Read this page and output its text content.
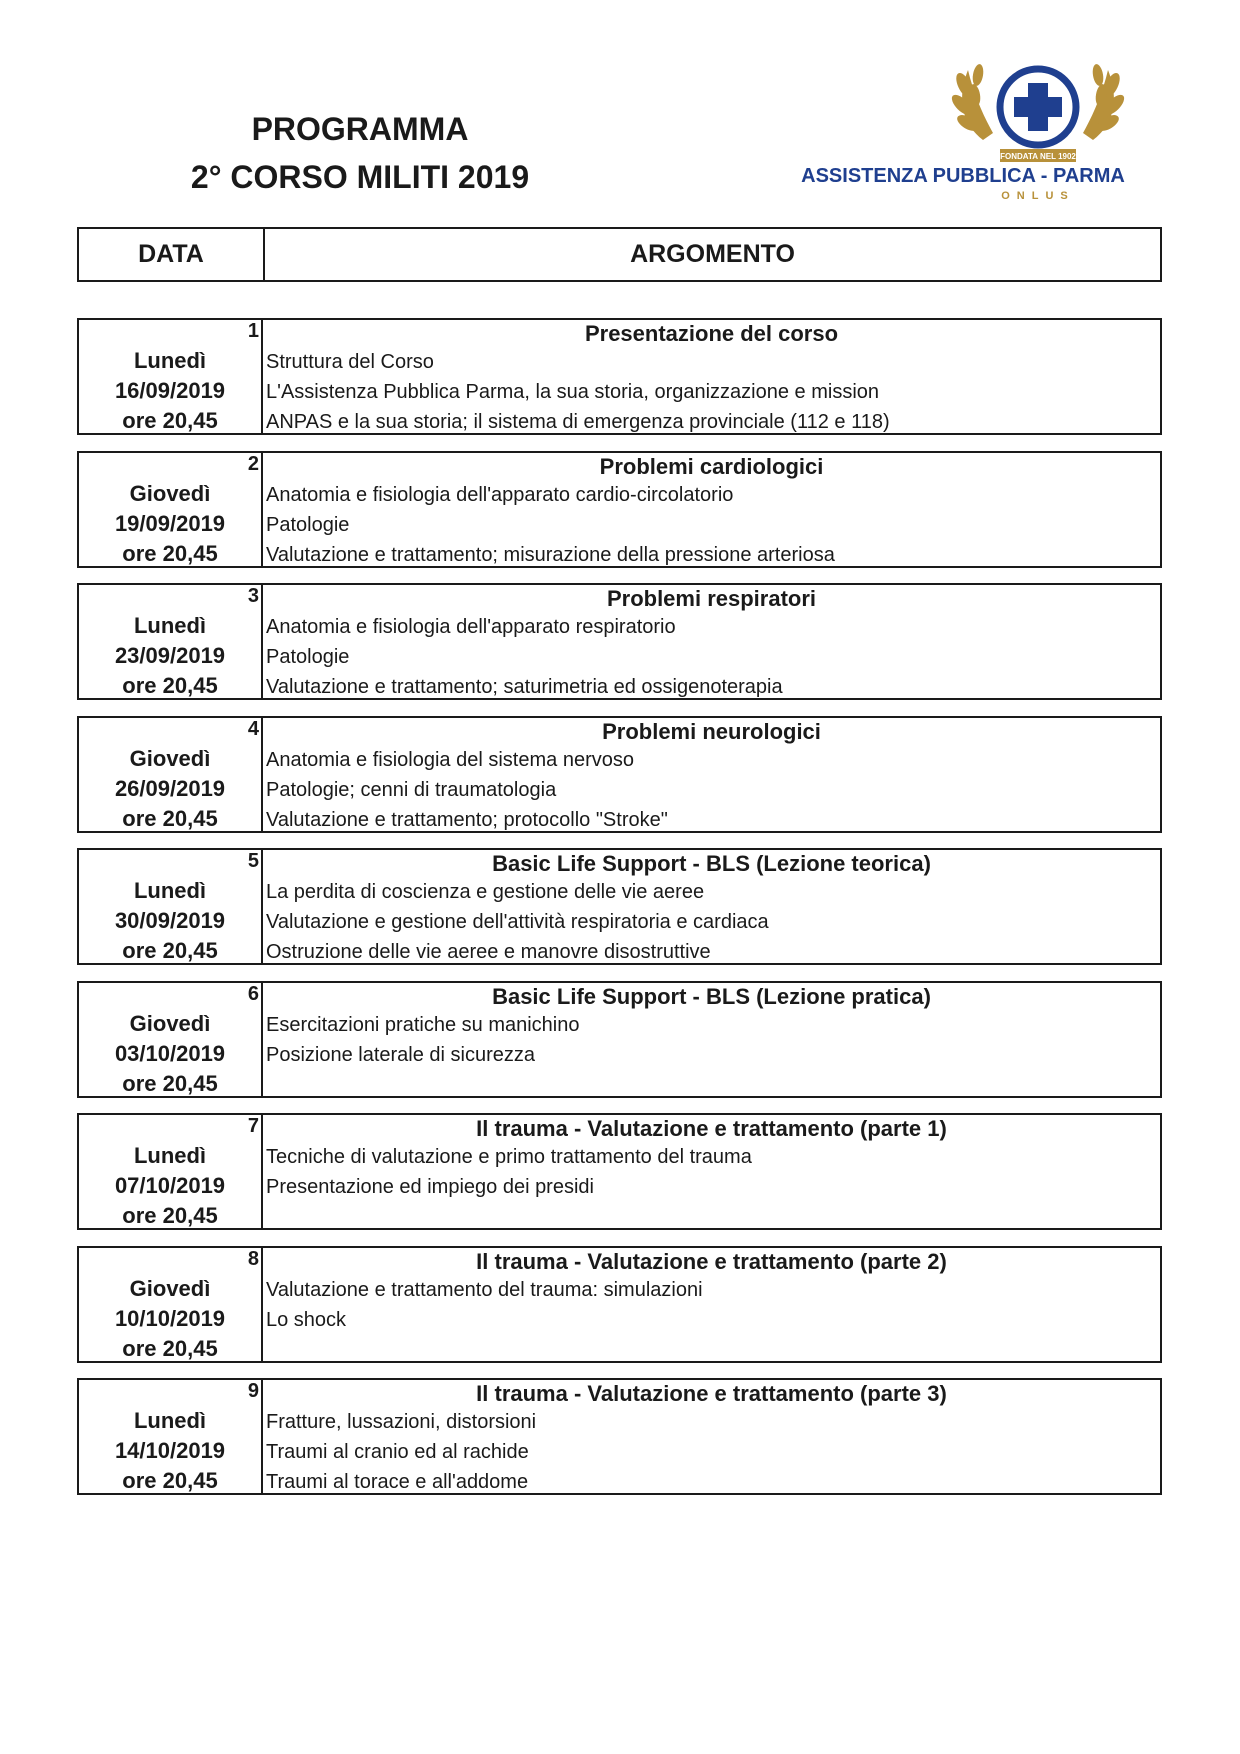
PROGRAMMA
2° CORSO MILITI 2019
FONDATA NEL 1902
ASSISTENZA PUBBLICA - PARMA
ONLUS
DATA	ARGOMENTO
1
Lunedì
16/09/2019
ore 20,45
Presentazione del corso
Struttura del Corso
L'Assistenza Pubblica Parma, la sua storia, organizzazione e mission
ANPAS e la sua storia; il sistema di emergenza provinciale (112 e 118)
2
Giovedì
19/09/2019
ore 20,45
Problemi cardiologici
Anatomia e fisiologia dell'apparato cardio-circolatorio
Patologie
Valutazione e trattamento; misurazione della pressione arteriosa
3
Lunedì
23/09/2019
ore 20,45
Problemi respiratori
Anatomia e fisiologia dell'apparato respiratorio
Patologie
Valutazione e trattamento; saturimetria ed ossigenoterapia
4
Giovedì
26/09/2019
ore 20,45
Problemi neurologici
Anatomia e fisiologia del sistema nervoso
Patologie; cenni di traumatologia
Valutazione e trattamento; protocollo "Stroke"
5
Lunedì
30/09/2019
ore 20,45
Basic Life Support - BLS (Lezione teorica)
La perdita di coscienza e gestione delle vie aeree
Valutazione e gestione dell'attività respiratoria e cardiaca
Ostruzione delle vie aeree e manovre disostruttive
6
Giovedì
03/10/2019
ore 20,45
Basic Life Support - BLS (Lezione pratica)
Esercitazioni pratiche su manichino
Posizione laterale di sicurezza
7
Lunedì
07/10/2019
ore 20,45
Il trauma - Valutazione e trattamento (parte 1)
Tecniche di valutazione e primo trattamento del trauma
Presentazione ed impiego dei presidi
8
Giovedì
10/10/2019
ore 20,45
Il trauma - Valutazione e trattamento (parte 2)
Valutazione e trattamento del trauma: simulazioni
Lo shock
9
Lunedì
14/10/2019
ore 20,45
Il trauma - Valutazione e trattamento (parte 3)
Fratture, lussazioni, distorsioni
Traumi al cranio ed al rachide
Traumi al torace e all'addome
